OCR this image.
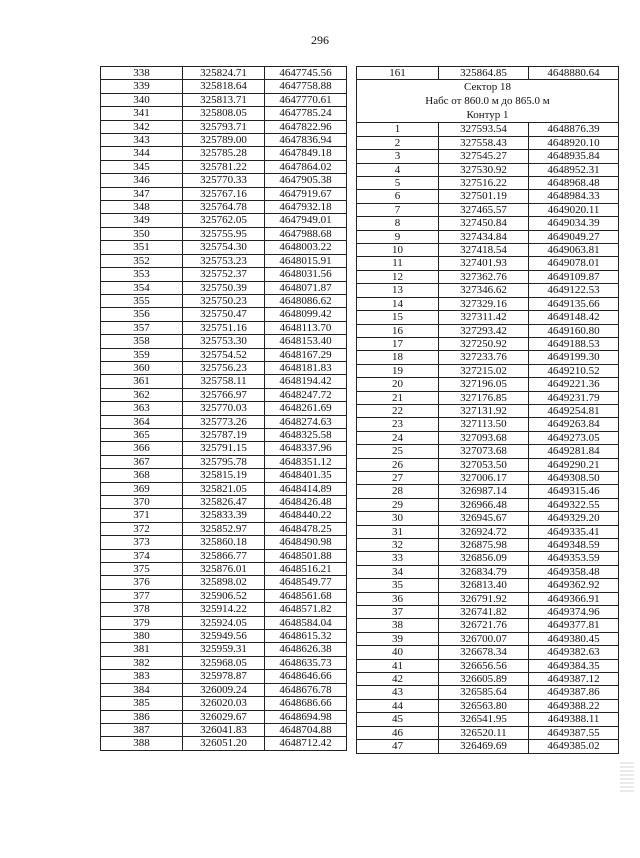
296
338	325824.71	4647745.56
339	325818.64	4647758.88
340	325813.71	4647770.61
341	325808.05	4647785.24
342	325793.71	4647822.96
343	325789.00	4647836.94
344	325785.28	4647849.18
345	325781.22	4647864.02
346	325770.33	4647905.38
347	325767.16	4647919.67
348	325764.78	4647932.18
349	325762.05	4647949.01
350	325755.95	4647988.68
351	325754.30	4648003.22
352	325753.23	4648015.91
353	325752.37	4648031.56
354	325750.39	4648071.87
355	325750.23	4648086.62
356	325750.47	4648099.42
357	325751.16	4648113.70
358	325753.30	4648153.40
359	325754.52	4648167.29
360	325756.23	4648181.83
361	325758.11	4648194.42
362	325766.97	4648247.72
363	325770.03	4648261.69
364	325773.26	4648274.63
365	325787.19	4648325.58
366	325791.15	4648337.96
367	325795.78	4648351.12
368	325815.19	4648401.35
369	325821.05	4648414.89
370	325826.47	4648426.48
371	325833.39	4648440.22
372	325852.97	4648478.25
373	325860.18	4648490.98
374	325866.77	4648501.88
375	325876.01	4648516.21
376	325898.02	4648549.77
377	325906.52	4648561.68
378	325914.22	4648571.82
379	325924.05	4648584.04
380	325949.56	4648615.32
381	325959.31	4648626.38
382	325968.05	4648635.73
383	325978.87	4648646.66
384	326009.24	4648676.78
385	326020.03	4648686.66
386	326029.67	4648694.98
387	326041.83	4648704.88
388	326051.20	4648712.42
161	325864.85	4648880.64

Сектор 18
Набс от 860.0 м до 865.0 м
Контур 1		

1	327593.54	4648876.39
2	327558.43	4648920.10
3	327545.27	4648935.84
4	327530.92	4648952.31
5	327516.22	4648968.48
6	327501.19	4648984.33
7	327465.57	4649020.11
8	327450.84	4649034.39
9	327434.84	4649049.27
10	327418.54	4649063.81
11	327401.93	4649078.01
12	327362.76	4649109.87
13	327346.62	4649122.53
14	327329.16	4649135.66
15	327311.42	4649148.42
16	327293.42	4649160.80
17	327250.92	4649188.53
18	327233.76	4649199.30
19	327215.02	4649210.52
20	327196.05	4649221.36
21	327176.85	4649231.79
22	327131.92	4649254.81
23	327113.50	4649263.84
24	327093.68	4649273.05
25	327073.68	4649281.84
26	327053.50	4649290.21
27	327006.17	4649308.50
28	326987.14	4649315.46
29	326966.48	4649322.55
30	326945.67	4649329.20
31	326924.72	4649335.41
32	326875.98	4649348.59
33	326856.09	4649353.59
34	326834.79	4649358.48
35	326813.40	4649362.92
36	326791.92	4649366.91
37	326741.82	4649374.96
38	326721.76	4649377.81
39	326700.07	4649380.45
40	326678.34	4649382.63
41	326656.56	4649384.35
42	326605.89	4649387.12
43	326585.64	4649387.86
44	326563.80	4649388.22
45	326541.95	4649388.11
46	326520.11	4649387.55
47	326469.69	4649385.02
